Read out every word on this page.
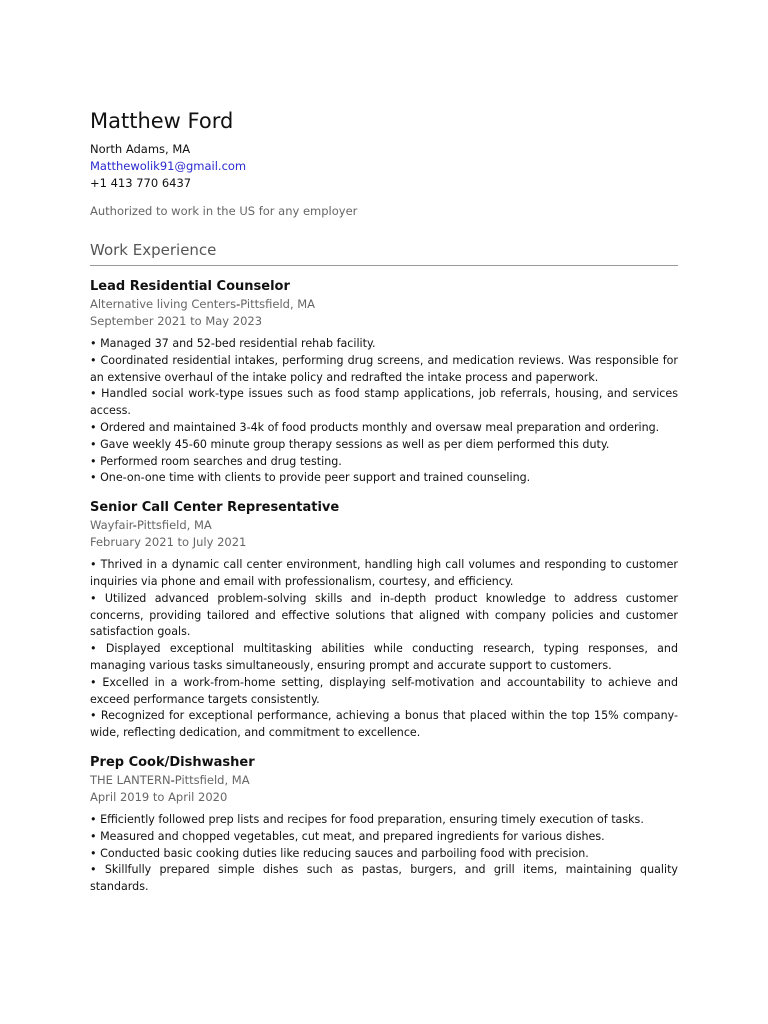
Matthew Ford

North Adams, MA

Matthewolik91@gmail.com

+1 413 770 6437

Authorized to work in the US for any employer
Work Experience

Lead Residential Counselor

Alternative living Centers-Pittsfield, MA

September 2021 to May 2023

• Managed 37 and 52-bed residential rehab facility.

• Coordinated residential intakes, performing drug screens, and medication reviews. Was responsible for an extensive overhaul of the intake policy and redrafted the intake process and paperwork.

• Handled social work-type issues such as food stamp applications, job referrals, housing, and services access.

• Ordered and maintained 3-4k of food products monthly and oversaw meal preparation and ordering.

• Gave weekly 45-60 minute group therapy sessions as well as per diem performed this duty.

• Performed room searches and drug testing.

• One-on-one time with clients to provide peer support and trained counseling.

Senior Call Center Representative

Wayfair-Pittsfield, MA

February 2021 to July 2021

• Thrived in a dynamic call center environment, handling high call volumes and responding to customer inquiries via phone and email with professionalism, courtesy, and efficiency.

• Utilized advanced problem-solving skills and in-depth product knowledge to address customer concerns, providing tailored and effective solutions that aligned with company policies and customer satisfaction goals.

• Displayed exceptional multitasking abilities while conducting research, typing responses, and managing various tasks simultaneously, ensuring prompt and accurate support to customers.

• Excelled in a work-from-home setting, displaying self-motivation and accountability to achieve and exceed performance targets consistently.

• Recognized for exceptional performance, achieving a bonus that placed within the top 15% company-wide, reflecting dedication, and commitment to excellence.

Prep Cook/Dishwasher

THE LANTERN-Pittsfield, MA

April 2019 to April 2020

• Efficiently followed prep lists and recipes for food preparation, ensuring timely execution of tasks.

• Measured and chopped vegetables, cut meat, and prepared ingredients for various dishes.

• Conducted basic cooking duties like reducing sauces and parboiling food with precision.

• Skillfully prepared simple dishes such as pastas, burgers, and grill items, maintaining quality standards.
